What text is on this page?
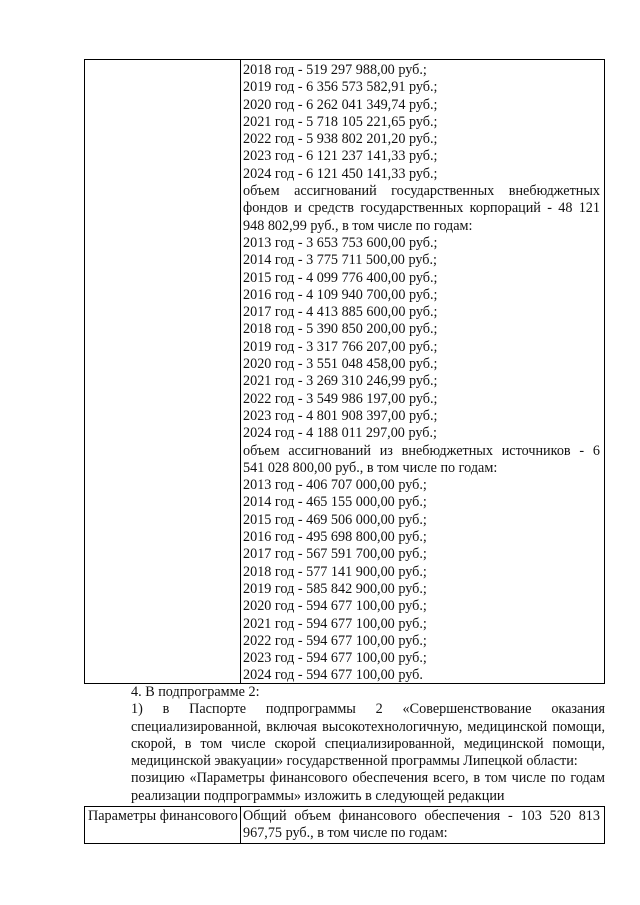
2018 год - 519 297 988,00 руб.;
2019 год - 6 356 573 582,91 руб.;
2020 год - 6 262 041 349,74 руб.;
2021 год - 5 718 105 221,65 руб.;
2022 год - 5 938 802 201,20 руб.;
2023 год - 6 121 237 141,33 руб.;
2024 год - 6 121 450 141,33 руб.;
объем ассигнований государственных внебюджетных
фондов и средств государственных корпораций - 48 121
948 802,99 руб., в том числе по годам:
2013 год - 3 653 753 600,00 руб.;
2014 год - 3 775 711 500,00 руб.;
2015 год - 4 099 776 400,00 руб.;
2016 год - 4 109 940 700,00 руб.;
2017 год - 4 413 885 600,00 руб.;
2018 год - 5 390 850 200,00 руб.;
2019 год - 3 317 766 207,00 руб.;
2020 год - 3 551 048 458,00 руб.;
2021 год - 3 269 310 246,99 руб.;
2022 год - 3 549 986 197,00 руб.;
2023 год - 4 801 908 397,00 руб.;
2024 год - 4 188 011 297,00 руб.;
объем ассигнований из внебюджетных источников - 6
541 028 800,00 руб., в том числе по годам:
2013 год - 406 707 000,00 руб.;
2014 год - 465 155 000,00 руб.;
2015 год - 469 506 000,00 руб.;
2016 год - 495 698 800,00 руб.;
2017 год - 567 591 700,00 руб.;
2018 год - 577 141 900,00 руб.;
2019 год - 585 842 900,00 руб.;
2020 год - 594 677 100,00 руб.;
2021 год - 594 677 100,00 руб.;
2022 год - 594 677 100,00 руб.;
2023 год - 594 677 100,00 руб.;
2024 год - 594 677 100,00 руб.
4. В подпрограмме 2:
1) в Паспорте подпрограммы 2 «Совершенствование оказания специализированной, включая высокотехнологичную, медицинской помощи, скорой, в том числе скорой специализированной, медицинской помощи, медицинской эвакуации» государственной программы Липецкой области:
позицию «Параметры финансового обеспечения всего, в том числе по годам реализации подпрограммы» изложить в следующей редакции
Параметры финансового Общий объем финансового обеспечения - 103 520 813 967,75 руб., в том числе по годам:
